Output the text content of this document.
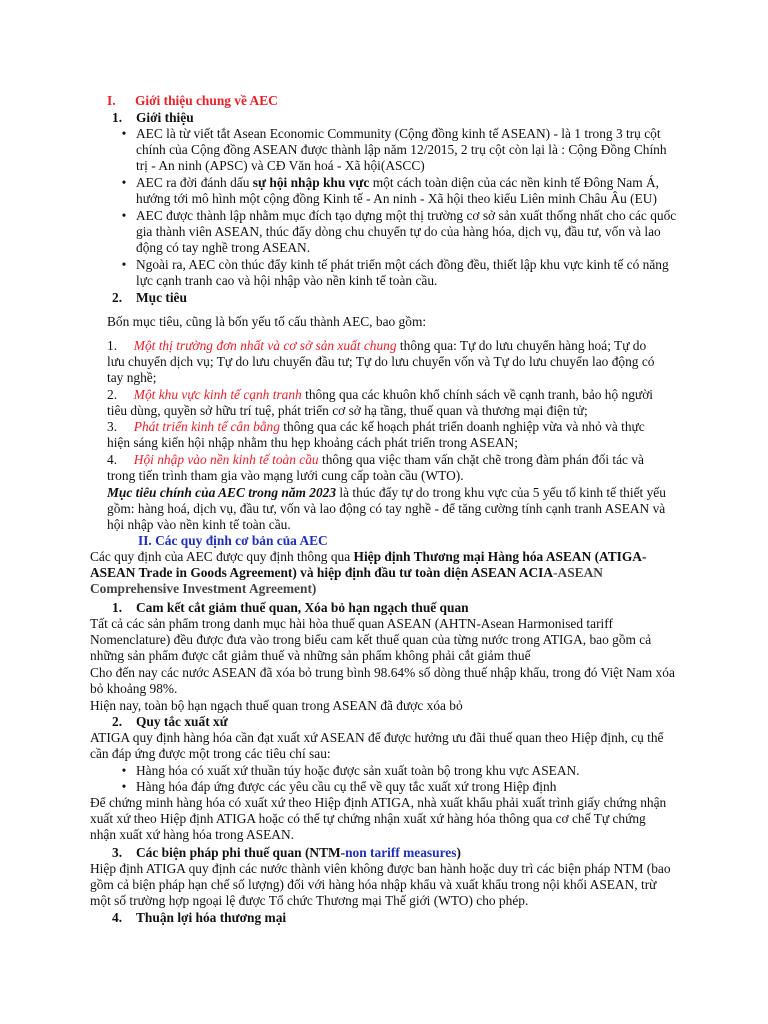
I. Giới thiệu chung về AEC
1. Giới thiệu
• AEC là từ viết tắt Asean Economic Community (Cộng đồng kinh tế ASEAN) - là 1 trong 3 trụ cột chính của Cộng đồng ASEAN được thành lập năm 12/2015, 2 trụ cột còn lại là : Cộng Đồng Chính trị - An ninh (APSC) và CĐ Văn hoá - Xã hội(ASCC)
• AEC ra đời đánh dấu sự hội nhập khu vực một cách toàn diện của các nền kinh tế Đông Nam Á, hướng tới mô hình một cộng đồng Kinh tế - An ninh - Xã hội theo kiểu Liên minh Châu Âu (EU)
• AEC được thành lập nhằm mục đích tạo dựng một thị trường cơ sở sản xuất thống nhất cho các quốc gia thành viên ASEAN, thúc đẩy dòng chu chuyển tự do của hàng hóa, dịch vụ, đầu tư, vốn và lao động có tay nghề trong ASEAN.
• Ngoài ra, AEC còn thúc đẩy kinh tế phát triển một cách đồng đều, thiết lập khu vực kinh tế có năng lực cạnh tranh cao và hội nhập vào nền kinh tế toàn cầu.
2. Mục tiêu
Bốn mục tiêu, cũng là bốn yếu tố cấu thành AEC, bao gồm:
1. Một thị trường đơn nhất và cơ sở sản xuất chung thông qua: Tự do lưu chuyển hàng hoá; Tự do lưu chuyển dịch vụ; Tự do lưu chuyển đầu tư; Tự do lưu chuyển vốn và Tự do lưu chuyển lao động có tay nghề;
2. Một khu vực kinh tế cạnh tranh thông qua các khuôn khổ chính sách về cạnh tranh, bảo hộ người tiêu dùng, quyền sở hữu trí tuệ, phát triển cơ sở hạ tầng, thuế quan và thương mại điện tử;
3. Phát triển kinh tế cân bằng thông qua các kế hoạch phát triển doanh nghiệp vừa và nhỏ và thực hiện sáng kiến hội nhập nhằm thu hẹp khoảng cách phát triển trong ASEAN;
4. Hội nhập vào nền kinh tế toàn cầu thông qua việc tham vấn chặt chẽ trong đàm phán đối tác và trong tiến trình tham gia vào mạng lưới cung cấp toàn cầu (WTO).
Mục tiêu chính của AEC trong năm 2023 là thúc đẩy tự do trong khu vực của 5 yếu tố kinh tế thiết yếu gồm: hàng hoá, dịch vụ, đầu tư, vốn và lao động có tay nghề - để tăng cường tính cạnh tranh ASEAN và hội nhập vào nền kinh tế toàn cầu.
II. Các quy định cơ bản của AEC
Các quy định của AEC được quy định thông qua Hiệp định Thương mại Hàng hóa ASEAN (ATIGA-ASEAN Trade in Goods Agreement) và hiệp định đầu tư toàn diện ASEAN ACIA-ASEAN Comprehensive Investment Agreement)
1. Cam kết cắt giảm thuế quan, Xóa bỏ hạn ngạch thuế quan
Tất cả các sản phẩm trong danh mục hài hòa thuế quan ASEAN (AHTN-Asean Harmonised tariff Nomenclature) đều được đưa vào trong biểu cam kết thuế quan của từng nước trong ATIGA, bao gồm cả những sản phẩm được cắt giảm thuế và những sản phẩm không phải cắt giảm thuế
Cho đến nay các nước ASEAN đã xóa bỏ trung bình 98.64% số dòng thuế nhập khẩu, trong đó Việt Nam xóa bỏ khoảng 98%.
Hiện nay, toàn bộ hạn ngạch thuế quan trong ASEAN đã được xóa bỏ
2. Quy tắc xuất xứ
ATIGA quy định hàng hóa cần đạt xuất xứ ASEAN để được hưởng ưu đãi thuế quan theo Hiệp định, cụ thể cần đáp ứng được một trong các tiêu chí sau:
• Hàng hóa có xuất xứ thuần túy hoặc được sản xuất toàn bộ trong khu vực ASEAN.
• Hàng hóa đáp ứng được các yêu cầu cụ thể về quy tắc xuất xứ trong Hiệp định
Để chứng minh hàng hóa có xuất xứ theo Hiệp định ATIGA, nhà xuất khẩu phải xuất trình giấy chứng nhận xuất xứ theo Hiệp định ATIGA hoặc có thể tự chứng nhận xuất xứ hàng hóa thông qua cơ chế Tự chứng nhận xuất xứ hàng hóa trong ASEAN.
3. Các biện pháp phi thuế quan (NTM-non tariff measures)
Hiệp định ATIGA quy định các nước thành viên không được ban hành hoặc duy trì các biện pháp NTM (bao gồm cả biện pháp hạn chế số lượng) đối với hàng hóa nhập khẩu và xuất khẩu trong nội khối ASEAN, trừ một số trường hợp ngoại lệ được Tổ chức Thương mại Thế giới (WTO) cho phép.
4. Thuận lợi hóa thương mại
